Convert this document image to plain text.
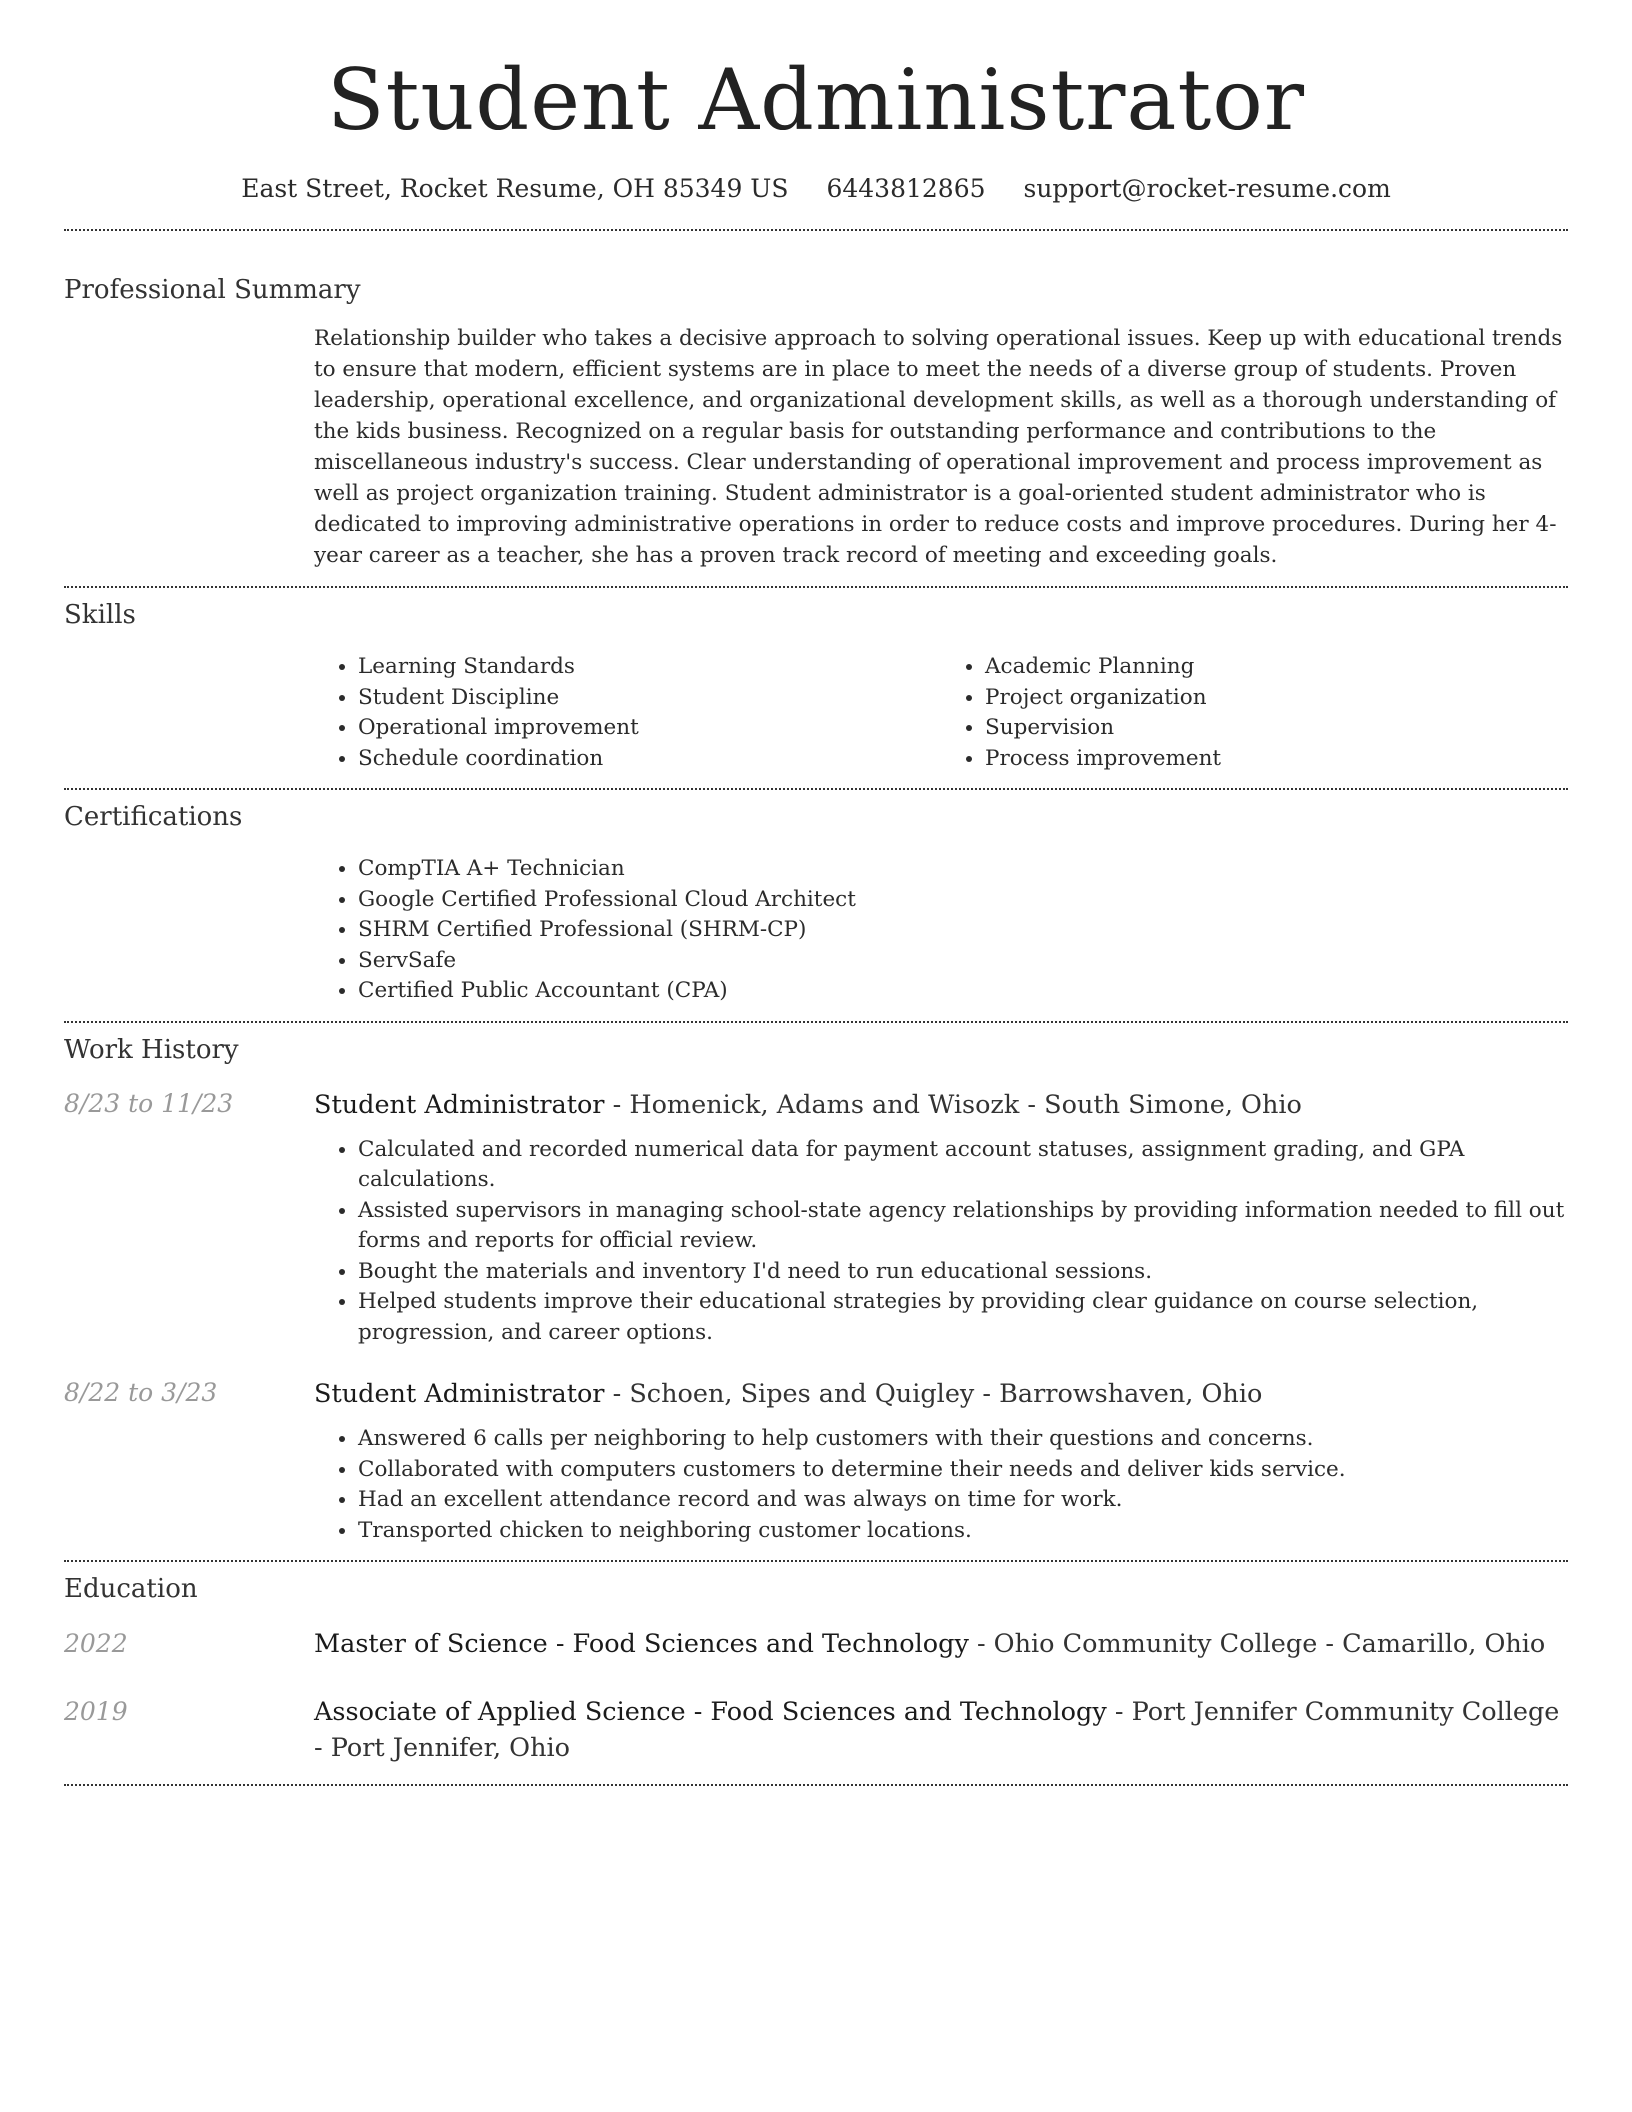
Student Administrator
East Street, Rocket Resume, OH 85349 US 6443812865 support@rocket-resume.com
Professional Summary

Relationship builder who takes a decisive approach to solving operational issues. Keep up with educational trends to ensure that modern, efficient systems are in place to meet the needs of a diverse group of students. Proven leadership, operational excellence, and organizational development skills, as well as a thorough understanding of the kids business. Recognized on a regular basis for outstanding performance and contributions to the miscellaneous industry's success. Clear understanding of operational improvement and process improvement as well as project organization training. Student administrator is a goal-oriented student administrator who is dedicated to improving administrative operations in order to reduce costs and improve procedures. During her 4-year career as a teacher, she has a proven track record of meeting and exceeding goals.

Skills
• Learning Standards
• Student Discipline
• Operational improvement
• Schedule coordination
• Academic Planning
• Project organization
• Supervision
• Process improvement
Certifications
• CompTIA A+ Technician
• Google Certified Professional Cloud Architect
• SHRM Certified Professional (SHRM-CP)
• ServSafe
• Certified Public Accountant (CPA)
Work History
8/23 to 11/23	Student Administrator - Homenick, Adams and Wisozk - South Simone, Ohio
• Calculated and recorded numerical data for payment account statuses, assignment grading, and GPA calculations.
• Assisted supervisors in managing school-state agency relationships by providing information needed to fill out forms and reports for official review.
• Bought the materials and inventory I'd need to run educational sessions.
• Helped students improve their educational strategies by providing clear guidance on course selection, progression, and career options.
8/22 to 3/23	Student Administrator - Schoen, Sipes and Quigley - Barrowshaven, Ohio
• Answered 6 calls per neighboring to help customers with their questions and concerns.
• Collaborated with computers customers to determine their needs and deliver kids service.
• Had an excellent attendance record and was always on time for work.
• Transported chicken to neighboring customer locations.
Education
2022	Master of Science - Food Sciences and Technology - Ohio Community College - Camarillo, Ohio
2019	Associate of Applied Science - Food Sciences and Technology - Port Jennifer Community College - Port Jennifer, Ohio
